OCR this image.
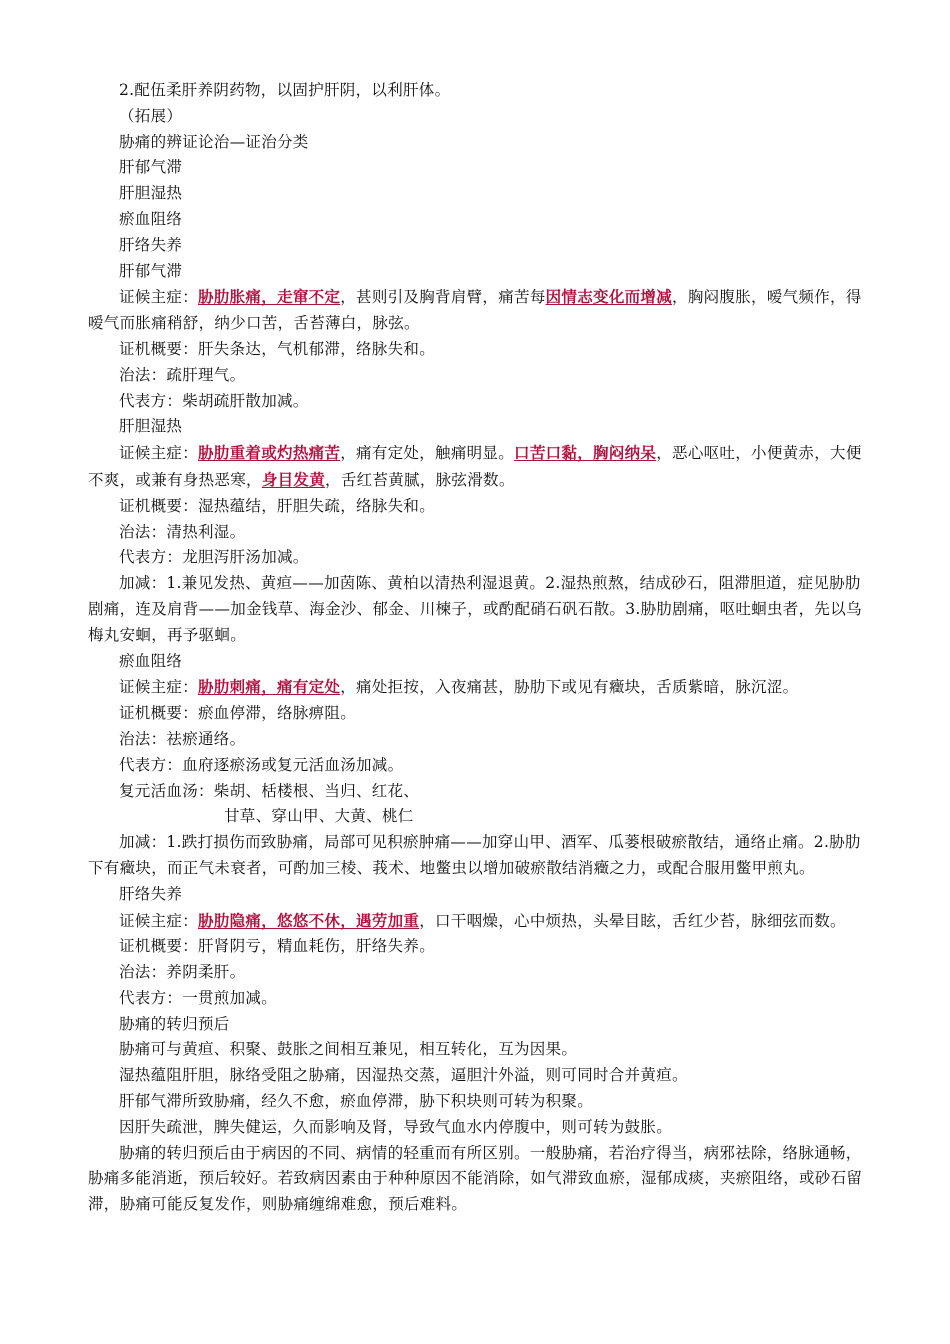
2.配伍柔肝养阴药物，以固护肝阴，以利肝体。

（拓展）

胁痛的辨证论治—证治分类

肝郁气滞

肝胆湿热

瘀血阻络

肝络失养

肝郁气滞

证候主症：胁肋胀痛，走窜不定，甚则引及胸背肩臂，痛苦每因情志变化而增减，胸闷腹胀，嗳气频作，得嗳气而胀痛稍舒，纳少口苦，舌苔薄白，脉弦。

证机概要：肝失条达，气机郁滞，络脉失和。

治法：疏肝理气。

代表方：柴胡疏肝散加减。

肝胆湿热

证候主症：胁肋重着或灼热痛苦，痛有定处，触痛明显。口苦口黏，胸闷纳呆，恶心呕吐，小便黄赤，大便不爽，或兼有身热恶寒，身目发黄，舌红苔黄腻，脉弦滑数。

证机概要：湿热蕴结，肝胆失疏，络脉失和。

治法：清热利湿。

代表方：龙胆泻肝汤加减。

加减：1.兼见发热、黄疸——加茵陈、黄柏以清热利湿退黄。2.湿热煎熬，结成砂石，阻滞胆道，症见胁肋剧痛，连及肩背——加金钱草、海金沙、郁金、川楝子，或酌配硝石矾石散。3.胁肋剧痛，呕吐蛔虫者，先以乌梅丸安蛔，再予驱蛔。

瘀血阻络

证候主症：胁肋刺痛，痛有定处，痛处拒按，入夜痛甚，胁肋下或见有癥块，舌质紫暗，脉沉涩。

证机概要：瘀血停滞，络脉痹阻。

治法：祛瘀通络。

代表方：血府逐瘀汤或复元活血汤加减。

复元活血汤：柴胡、栝楼根、当归、红花、

甘草、穿山甲、大黄、桃仁

加减：1.跌打损伤而致胁痛，局部可见积瘀肿痛——加穿山甲、酒军、瓜蒌根破瘀散结，通络止痛。2.胁肋下有癥块，而正气未衰者，可酌加三棱、莪术、地鳖虫以增加破瘀散结消癥之力，或配合服用鳖甲煎丸。

肝络失养

证候主症：胁肋隐痛，悠悠不休，遇劳加重，口干咽燥，心中烦热，头晕目眩，舌红少苔，脉细弦而数。

证机概要：肝肾阴亏，精血耗伤，肝络失养。

治法：养阴柔肝。

代表方：一贯煎加减。

胁痛的转归预后

胁痛可与黄疸、积聚、鼓胀之间相互兼见，相互转化，互为因果。

湿热蕴阻肝胆，脉络受阻之胁痛，因湿热交蒸，逼胆汁外溢，则可同时合并黄疸。

肝郁气滞所致胁痛，经久不愈，瘀血停滞，胁下积块则可转为积聚。

因肝失疏泄，脾失健运，久而影响及肾，导致气血水内停腹中，则可转为鼓胀。

胁痛的转归预后由于病因的不同、病情的轻重而有所区别。一般胁痛，若治疗得当，病邪祛除，络脉通畅，胁痛多能消逝，预后较好。若致病因素由于种种原因不能消除，如气滞致血瘀，湿郁成痰，夹瘀阻络，或砂石留滞，胁痛可能反复发作，则胁痛缠绵难愈，预后难料。
